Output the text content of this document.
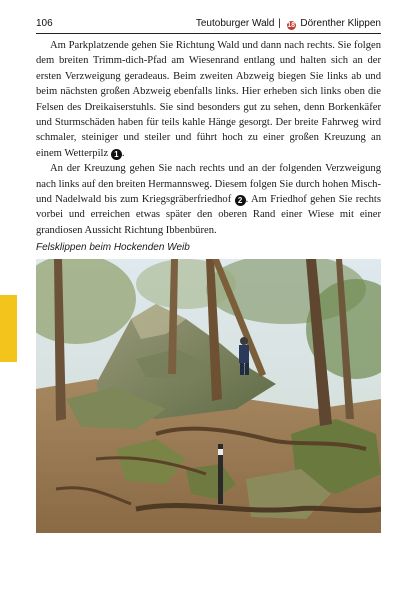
106	Teutoburger Wald | 18 Dörenther Klippen

Am Parkplatzende gehen Sie Richtung Wald und dann nach rechts. Sie folgen dem breiten Trimm-dich-Pfad am Wiesenrand entlang und halten sich an der ersten Verzweigung geradeaus. Beim zweiten Abzweig biegen Sie links ab und beim nächsten großen Abzweig ebenfalls links. Hier erheben sich links oben die Felsen des Dreikaiserstuhls. Sie sind besonders gut zu sehen, denn Borkenkäfer und Sturmschäden haben für teils kahle Hänge gesorgt. Der breite Fahrweg wird schmaler, steiniger und steiler und führt hoch zu einer großen Kreuzung an einem Wetterpilz 1 .

An der Kreuzung gehen Sie nach rechts und an der folgenden Verzweigung nach links auf den breiten Hermannsweg. Diesem folgen Sie durch hohen Misch- und Nadelwald bis zum Kriegsgräberfriedhof 2 . Am Friedhof gehen Sie rechts vorbei und erreichen etwas später den oberen Rand einer Wiese mit einer grandiosen Aussicht Richtung Ibbenbüren.

Felsklippen beim Hockenden Weib
